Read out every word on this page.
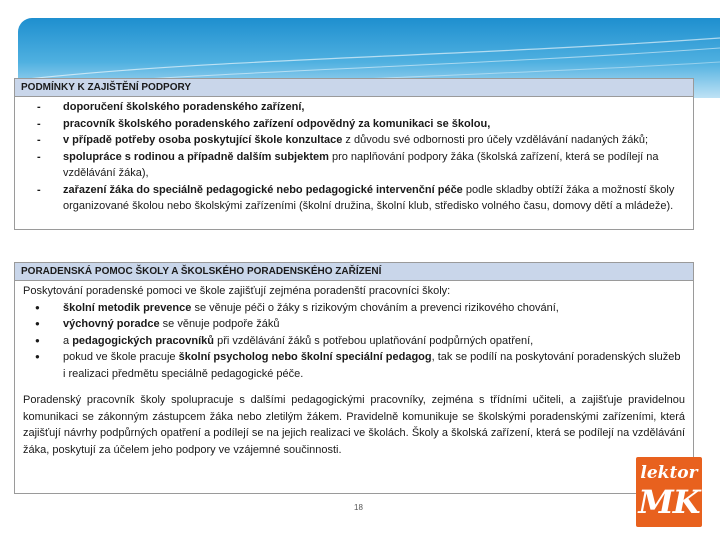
PODMÍNKY K ZAJIŠTĚNÍ PODPORY
- doporučení školského poradenského zařízení,
- pracovník školského poradenského zařízení odpovědný za komunikaci se školou,
- v případě potřeby osoba poskytující škole konzultace z důvodu své odbornosti pro účely vzdělávání nadaných žáků;
- spolupráce s rodinou a případně dalším subjektem pro naplňování podpory žáka (školská zařízení, která se podílejí na vzdělávání žáka),
- zařazení žáka do speciálně pedagogické nebo pedagogické intervenční péče podle skladby obtíží žáka a možností školy organizované školou nebo školskými zařízeními (školní družina, školní klub, středisko volného času, domovy dětí a mládeže).
PORADENSKÁ POMOC ŠKOLY A ŠKOLSKÉHO PORADENSKÉHO ZAŘÍZENÍ
Poskytování poradenské pomoci ve škole zajišťují zejména poradenští pracovníci školy:
● školní metodik prevence se věnuje péči o žáky s rizikovým chováním a prevenci rizikového chování,
● výchovný poradce se věnuje podpoře žáků
● a pedagogických pracovníků při vzdělávání žáků s potřebou uplatňování podpůrných opatření,
● pokud ve škole pracuje školní psycholog nebo školní speciální pedagog, tak se podílí na poskytování poradenských služeb i realizaci předmětu speciálně pedagogické péče.
Poradenský pracovník školy spolupracuje s dalšími pedagogickými pracovníky, zejména s třídními učiteli, a zajišťuje pravidelnou komunikaci se zákonným zástupcem žáka nebo zletilým žákem. Pravidelně komunikuje se školskými poradenskými zařízeními, která zajišťují návrhy podpůrných opatření a podílejí se na jejich realizaci ve školách. Školy a školská zařízení, která se podílejí na vzdělávání žáka, poskytují za účelem jeho podpory ve vzájemné součinnosti.
18
lektor
MK
